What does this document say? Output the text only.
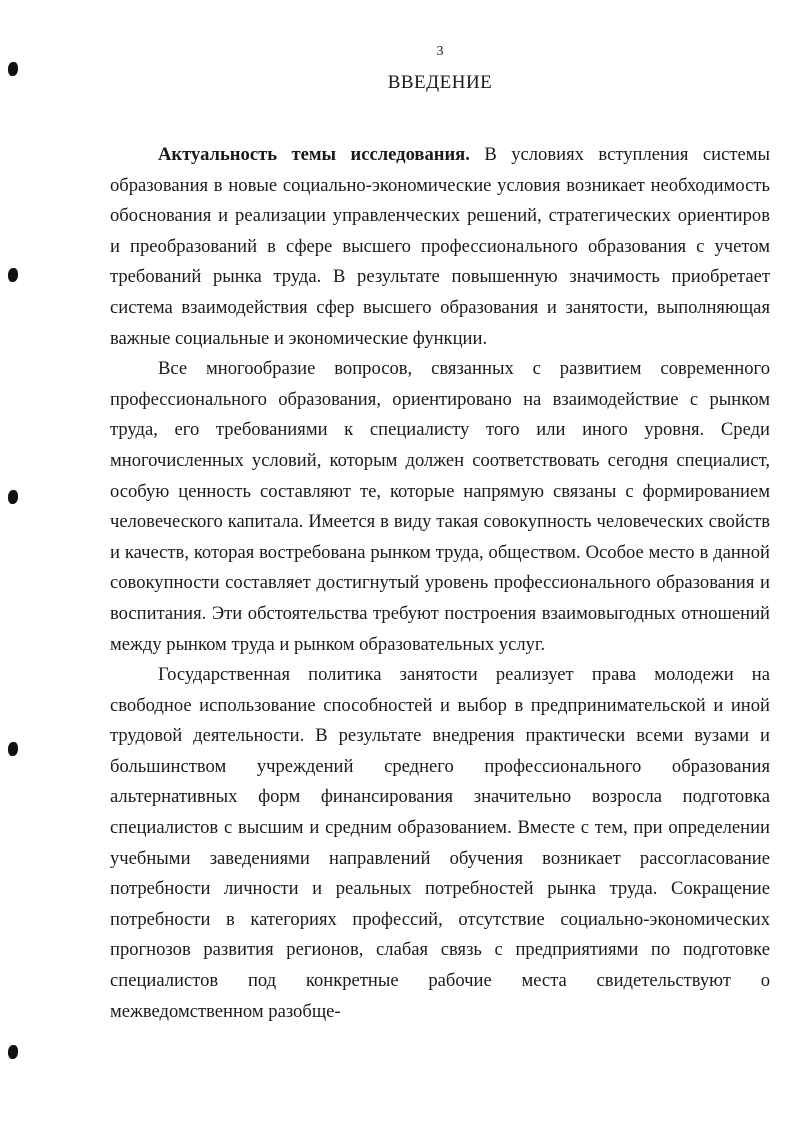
3
ВВЕДЕНИЕ

Актуальность темы исследования. В условиях вступления системы образования в новые социально-экономические условия возникает необходимость обоснования и реализации управленческих решений, стратегических ориентиров и преобразований в сфере высшего профессионального образования с учетом требований рынка труда. В результате повышенную значимость приобретает система взаимодействия сфер высшего образования и занятости, выполняющая важные социальные и экономические функции.

Все многообразие вопросов, связанных с развитием современного профессионального образования, ориентировано на взаимодействие с рынком труда, его требованиями к специалисту того или иного уровня. Среди многочисленных условий, которым должен соответствовать сегодня специалист, особую ценность составляют те, которые напрямую связаны с формированием человеческого капитала. Имеется в виду такая совокупность человеческих свойств и качеств, которая востребована рынком труда, обществом. Особое место в данной совокупности составляет достигнутый уровень профессионального образования и воспитания. Эти обстоятельства требуют построения взаимовыгодных отношений между рынком труда и рынком образовательных услуг.

Государственная политика занятости реализует права молодежи на свободное использование способностей и выбор в предпринимательской и иной трудовой деятельности. В результате внедрения практически всеми вузами и большинством учреждений среднего профессионального образования альтернативных форм финансирования значительно возросла подготовка специалистов с высшим и средним образованием. Вместе с тем, при определении учебными заведениями направлений обучения возникает рассогласование потребности личности и реальных потребностей рынка труда. Сокращение потребности в категориях профессий, отсутствие социально-экономических прогнозов развития регионов, слабая связь с предприятиями по подготовке специалистов под конкретные рабочие места свидетельствуют о межведомственном разобще-
